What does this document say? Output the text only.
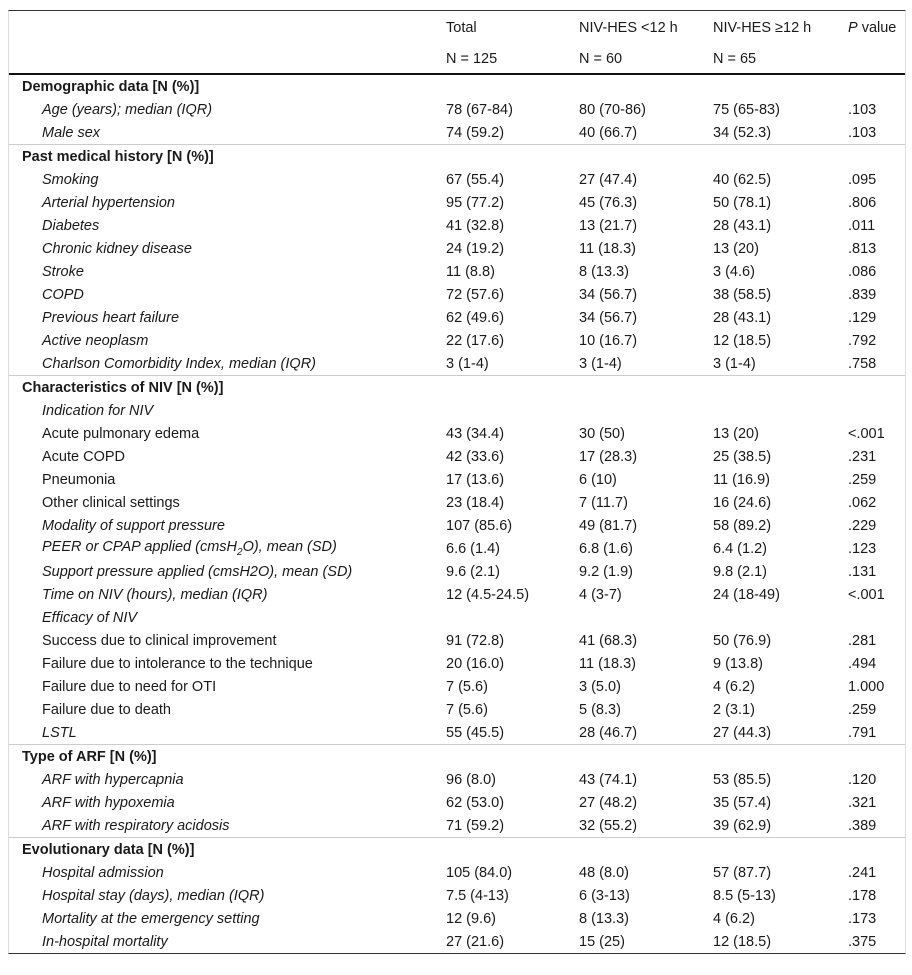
	Total	NIV-HES <12 h	NIV-HES ≥12 h	P value
	N = 125	N = 60	N = 65	
Demographic data [N (%)]				
Age (years); median (IQR)	78 (67-84)	80 (70-86)	75 (65-83)	.103
Male sex	74 (59.2)	40 (66.7)	34 (52.3)	.103
Past medical history [N (%)]				
Smoking	67 (55.4)	27 (47.4)	40 (62.5)	.095
Arterial hypertension	95 (77.2)	45 (76.3)	50 (78.1)	.806
Diabetes	41 (32.8)	13 (21.7)	28 (43.1)	.011
Chronic kidney disease	24 (19.2)	11 (18.3)	13 (20)	.813
Stroke	11 (8.8)	8 (13.3)	3 (4.6)	.086
COPD	72 (57.6)	34 (56.7)	38 (58.5)	.839
Previous heart failure	62 (49.6)	34 (56.7)	28 (43.1)	.129
Active neoplasm	22 (17.6)	10 (16.7)	12 (18.5)	.792
Charlson Comorbidity Index, median (IQR)	3 (1-4)	3 (1-4)	3 (1-4)	.758
Characteristics of NIV [N (%)]				
Indication for NIV				
Acute pulmonary edema	43 (34.4)	30 (50)	13 (20)	<.001
Acute COPD	42 (33.6)	17 (28.3)	25 (38.5)	.231
Pneumonia	17 (13.6)	6 (10)	11 (16.9)	.259
Other clinical settings	23 (18.4)	7 (11.7)	16 (24.6)	.062
Modality of support pressure	107 (85.6)	49 (81.7)	58 (89.2)	.229
PEER or CPAP applied (cmsH$_2$O), mean (SD)	6.6 (1.4)	6.8 (1.6)	6.4 (1.2)	.123
Support pressure applied (cmsH2O), mean (SD)	9.6 (2.1)	9.2 (1.9)	9.8 (2.1)	.131
Time on NIV (hours), median (IQR)	12 (4.5-24.5)	4 (3-7)	24 (18-49)	<.001
Efficacy of NIV				
Success due to clinical improvement	91 (72.8)	41 (68.3)	50 (76.9)	.281
Failure due to intolerance to the technique	20 (16.0)	11 (18.3)	9 (13.8)	.494
Failure due to need for OTI	7 (5.6)	3 (5.0)	4 (6.2)	1.000
Failure due to death	7 (5.6)	5 (8.3)	2 (3.1)	.259
LSTL	55 (45.5)	28 (46.7)	27 (44.3)	.791
Type of ARF [N (%)]				
ARF with hypercapnia	96 (8.0)	43 (74.1)	53 (85.5)	.120
ARF with hypoxemia	62 (53.0)	27 (48.2)	35 (57.4)	.321
ARF with respiratory acidosis	71 (59.2)	32 (55.2)	39 (62.9)	.389
Evolutionary data [N (%)]				
Hospital admission	105 (84.0)	48 (8.0)	57 (87.7)	.241
Hospital stay (days), median (IQR)	7.5 (4-13)	6 (3-13)	8.5 (5-13)	.178
Mortality at the emergency setting	12 (9.6)	8 (13.3)	4 (6.2)	.173
In-hospital mortality	27 (21.6)	15 (25)	12 (18.5)	.375
